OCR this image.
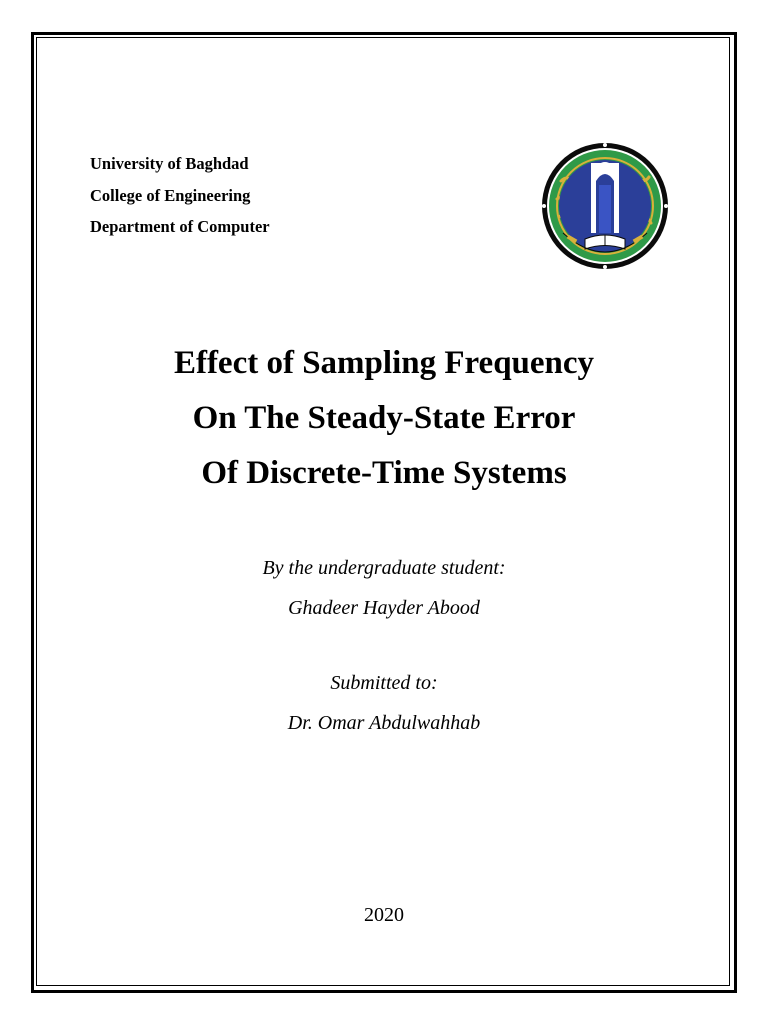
University of Baghdad
College of Engineering
Department of Computer
Effect of Sampling Frequency
On The Steady-State Error
Of Discrete-Time Systems
By the undergraduate student:
Ghadeer Hayder Abood
Submitted to:
Dr. Omar Abdulwahhab
2020
